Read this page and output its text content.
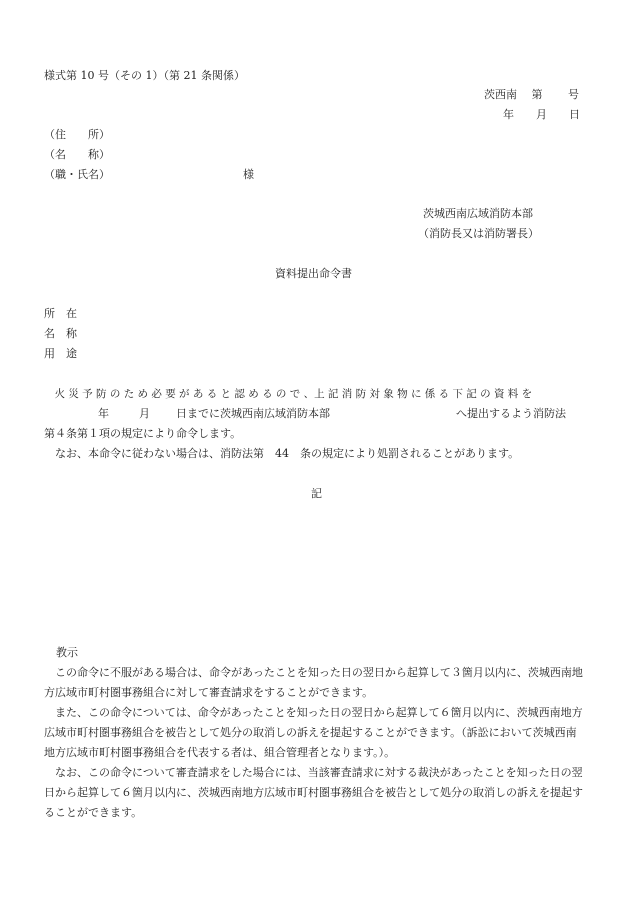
様式第 10 号（その 1）（第 21 条関係）
茨西南　 第　 　号
年　　月　　日
（住　　所）
（名　　称）
（職・氏名）	様
茨城西南広域消防本部
（消防長又は消防署長）
資料提出命令書
所　在
名　称
用　途
　火 災 予 防 の た め 必 要 が あ る と 認 め る の で 、上 記 消 防 対 象 物 に 係 る 下 記 の 資 料 を
年	月 日までに茨城西南広域消防本部	へ提出するよう消防法
第４条第１項の規定により命令します。
　なお、本命令に従わない場合は、消防法第　44　条の規定により処罰されることがあります。
記
教示
　この命令に不服がある場合は、命令があったことを知った日の翌日から起算して３箇月以内に、茨城西南地方広域市町村圏事務組合に対して審査請求をすることができます。
　また、この命令については、命令があったことを知った日の翌日から起算して６箇月以内に、茨城西南地方広域市町村圏事務組合を被告として処分の取消しの訴えを提起することができます。（訴訟において茨城西南地方広域市町村圏事務組合を代表する者は、組合管理者となります。）。
　なお、この命令について審査請求をした場合には、当該審査請求に対する裁決があったことを知った日の翌日から起算して６箇月以内に、茨城西南地方広域市町村圏事務組合を被告として処分の取消しの訴えを提起することができます。
